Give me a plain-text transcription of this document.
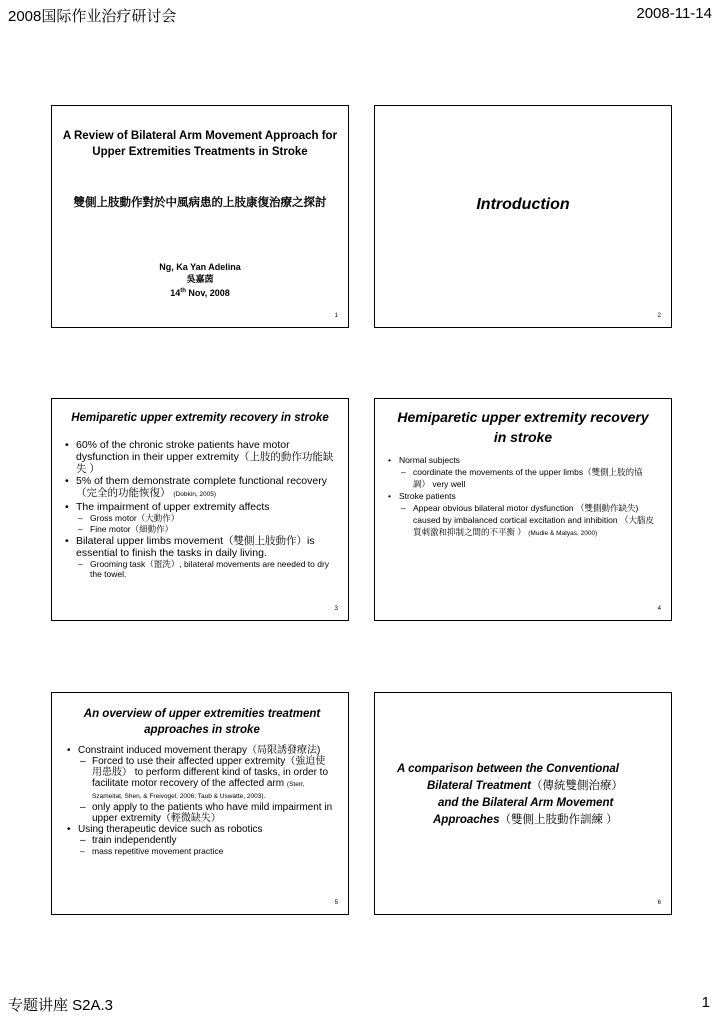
2008国际作业治疗研讨会	2008-11-14
A Review of Bilateral Arm Movement Approach for Upper Extremities Treatments in Stroke
雙側上肢動作對於中風病患的上肢康復治療之探討
Ng, Ka Yan Adelina
吳嘉茵
14th Nov, 2008
1
Introduction
2
Hemiparetic upper extremity recovery in stroke
• 60% of the chronic stroke patients have motor dysfunction in their upper extremity（上肢的動作功能缺失 ）
• 5% of them demonstrate complete functional recovery（完全的功能恢復） (Dobkin, 2005)
• The impairment of upper extremity affects
– Gross motor（大動作）
– Fine motor（細動作）
• Bilateral upper limbs movement（雙側上肢動作）is essential to finish the tasks in daily living.
– Grooming task（盥洗）, bilateral movements are needed to dry the towel.
3
Hemiparetic upper extremity recovery in stroke
• Normal subjects
– coordinate the movements of the upper limbs（雙側上肢的協調） very well
• Stroke patients
– Appear obvious bilateral motor dysfunction （雙側動作缺失) caused by imbalanced cortical excitation and inhibition （大腦皮質刺激和抑制之間的不平衡 ） (Mudie & Matyas, 2000)
4
An overview of upper extremities treatment approaches in stroke
• Constraint induced movement therapy（局限誘發療法)
– Forced to use their affected upper extremity（強迫使用患肢） to perform different kind of tasks, in order to facilitate motor recovery of the affected arm (Sterr, Szameitat, Shen, & Freivogel, 2006; Taub & Uswatte, 2003).
– only apply to the patients who have mild impairment in upper extremity（輕微缺失）
• Using therapeutic device such as robotics
– train independently
– mass repetitive movement practice
5
A comparison between the Conventional
Bilateral Treatment（傳統雙側治療）
and the Bilateral Arm Movement
Approaches（雙側上肢動作訓練 ）
6
专题讲座 S2A.3	1
